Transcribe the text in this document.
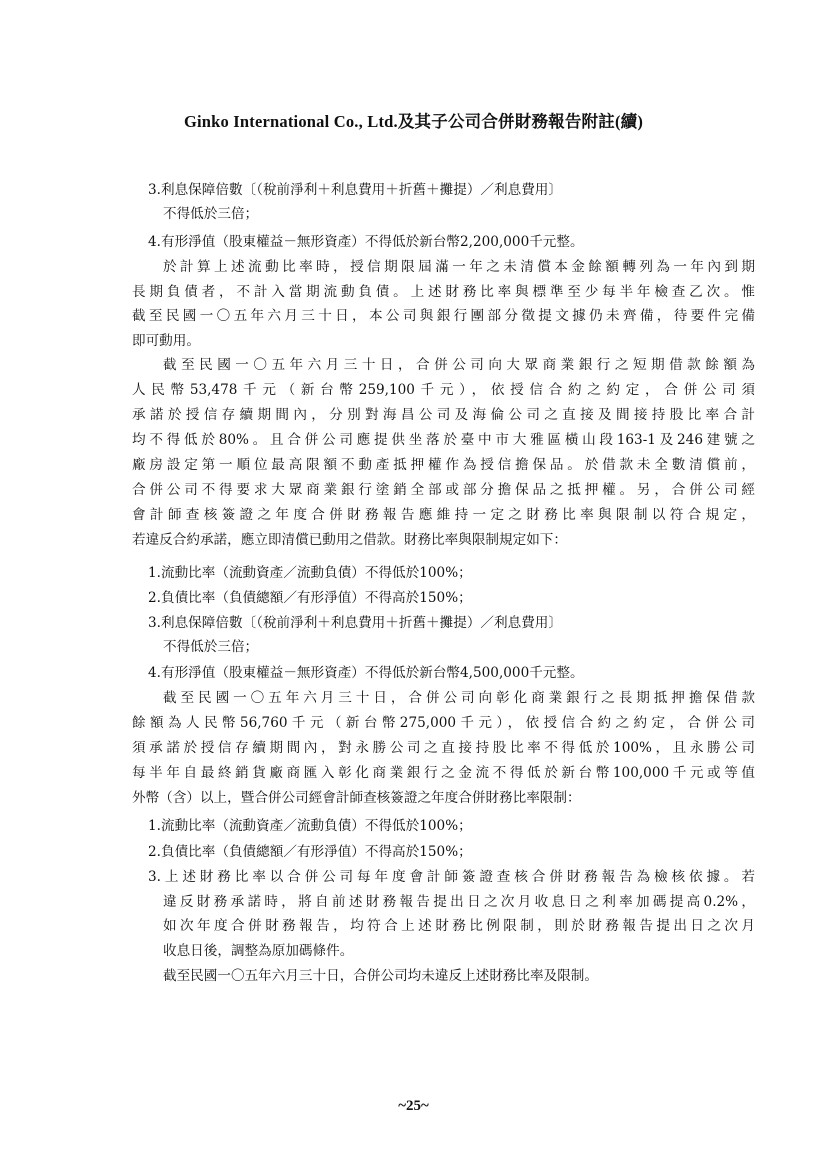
Ginko International Co., Ltd.及其子公司合併財務報告附註(續)
3.利息保障倍數〔（稅前淨利＋利息費用＋折舊＋攤提）／利息費用〕
不得低於三倍；
4.有形淨值（股東權益－無形資產）不得低於新台幣2,200,000千元整。
於計算上述流動比率時，授信期限屆滿一年之未清償本金餘額轉列為一年內到期
長期負債者，不計入當期流動負債。上述財務比率與標準至少每半年檢查乙次。惟
截至民國一〇五年六月三十日，本公司與銀行團部分徵提文據仍未齊備，待要件完備
即可動用。
截至民國一〇五年六月三十日，合併公司向大眾商業銀行之短期借款餘額為
人民幣53,478千元（新台幣259,100千元），依授信合約之約定，合併公司須
承諾於授信存續期間內，分別對海昌公司及海倫公司之直接及間接持股比率合計
均不得低於80%。且合併公司應提供坐落於臺中市大雅區橫山段163-1及246建號之
廠房設定第一順位最高限額不動產抵押權作為授信擔保品。於借款未全數清償前，
合併公司不得要求大眾商業銀行塗銷全部或部分擔保品之抵押權。另，合併公司經
會計師查核簽證之年度合併財務報告應維持一定之財務比率與限制以符合規定，
若違反合約承諾，應立即清償已動用之借款。財務比率與限制規定如下：
1.流動比率（流動資產／流動負債）不得低於100%；
2.負債比率（負債總額／有形淨值）不得高於150%；
3.利息保障倍數〔（稅前淨利＋利息費用＋折舊＋攤提）／利息費用〕
不得低於三倍；
4.有形淨值（股東權益－無形資產）不得低於新台幣4,500,000千元整。
截至民國一〇五年六月三十日，合併公司向彰化商業銀行之長期抵押擔保借款
餘額為人民幣56,760千元（新台幣275,000千元），依授信合約之約定，合併公司
須承諾於授信存續期間內，對永勝公司之直接持股比率不得低於100%，且永勝公司
每半年自最終銷貨廠商匯入彰化商業銀行之金流不得低於新台幣100,000千元或等值
外幣（含）以上，暨合併公司經會計師查核簽證之年度合併財務比率限制：
1.流動比率（流動資產／流動負債）不得低於100%；
2.負債比率（負債總額／有形淨值）不得高於150%；
3.上述財務比率以合併公司每年度會計師簽證查核合併財務報告為檢核依據。若
違反財務承諾時，將自前述財務報告提出日之次月收息日之利率加碼提高0.2%，
如次年度合併財務報告，均符合上述財務比例限制，則於財務報告提出日之次月
收息日後，調整為原加碼條件。
截至民國一〇五年六月三十日，合併公司均未違反上述財務比率及限制。
~25~
